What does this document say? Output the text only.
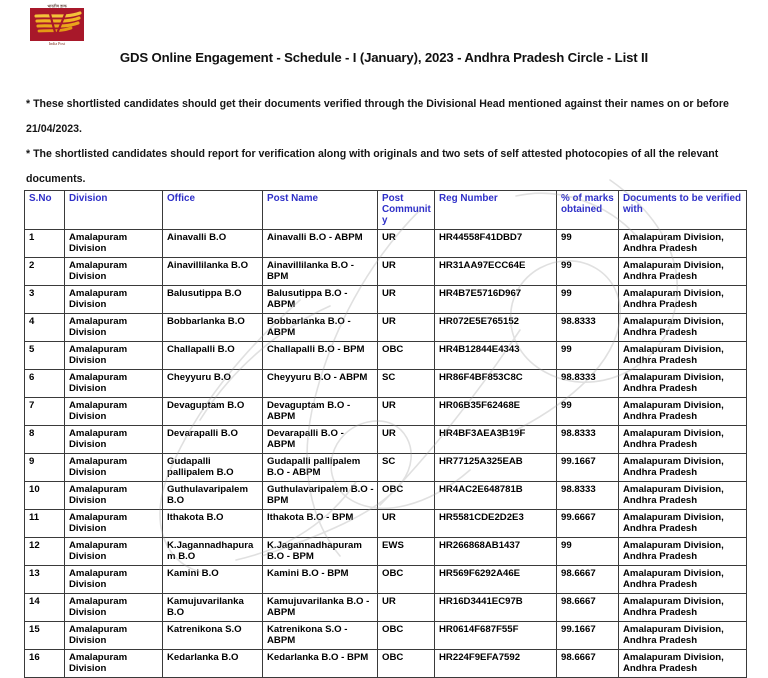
भारतीय डाक
India Post
GDS Online Engagement - Schedule - I (January), 2023 - Andhra Pradesh Circle - List II

* These shortlisted candidates should get their documents verified through the Divisional Head mentioned against their names on or before 21/04/2023.

* The shortlisted candidates should report for verification along with originals and two sets of self attested photocopies of all the relevant documents.

S.No	Division	Office	Post Name	Post Community	Reg Number	% of marks obtained	Documents to be verified with
1	Amalapuram Division	Ainavalli B.O	Ainavalli B.O - ABPM	UR	HR44558F41DBD7	99	Amalapuram Division, Andhra Pradesh
2	Amalapuram Division	Ainavillilanka B.O	Ainavillilanka B.O - BPM	UR	HR31AA97ECC64E	99	Amalapuram Division, Andhra Pradesh
3	Amalapuram Division	Balusutippa B.O	Balusutippa B.O - ABPM	UR	HR4B7E5716D967	99	Amalapuram Division, Andhra Pradesh
4	Amalapuram Division	Bobbarlanka B.O	Bobbarlanka B.O - ABPM	UR	HR072E5E765152	98.8333	Amalapuram Division, Andhra Pradesh
5	Amalapuram Division	Challapalli B.O	Challapalli B.O - BPM	OBC	HR4B12844E4343	99	Amalapuram Division, Andhra Pradesh
6	Amalapuram Division	Cheyyuru B.O	Cheyyuru B.O - ABPM	SC	HR86F4BF853C8C	98.8333	Amalapuram Division, Andhra Pradesh
7	Amalapuram Division	Devaguptam B.O	Devaguptam B.O - ABPM	UR	HR06B35F62468E	99	Amalapuram Division, Andhra Pradesh
8	Amalapuram Division	Devarapalli B.O	Devarapalli B.O - ABPM	UR	HR4BF3AEA3B19F	98.8333	Amalapuram Division, Andhra Pradesh
9	Amalapuram Division	Gudapalli pallipalem B.O	Gudapalli pallipalem B.O - ABPM	SC	HR77125A325EAB	99.1667	Amalapuram Division, Andhra Pradesh
10	Amalapuram Division	Guthulavaripalem B.O	Guthulavaripalem B.O - BPM	OBC	HR4AC2E648781B	98.8333	Amalapuram Division, Andhra Pradesh
11	Amalapuram Division	Ithakota B.O	Ithakota B.O - BPM	UR	HR5581CDE2D2E3	99.6667	Amalapuram Division, Andhra Pradesh
12	Amalapuram Division	K.Jagannadhapuram B.O	K.Jagannadhapuram B.O - BPM	EWS	HR266868AB1437	99	Amalapuram Division, Andhra Pradesh
13	Amalapuram Division	Kamini B.O	Kamini B.O - BPM	OBC	HR569F6292A46E	98.6667	Amalapuram Division, Andhra Pradesh
14	Amalapuram Division	Kamujuvarilanka B.O	Kamujuvarilanka B.O - ABPM	UR	HR16D3441EC97B	98.6667	Amalapuram Division, Andhra Pradesh
15	Amalapuram Division	Katrenikona S.O	Katrenikona S.O - ABPM	OBC	HR0614F687F55F	99.1667	Amalapuram Division, Andhra Pradesh
16	Amalapuram Division	Kedarlanka B.O	Kedarlanka B.O - BPM	OBC	HR224F9EFA7592	98.6667	Amalapuram Division, Andhra Pradesh
